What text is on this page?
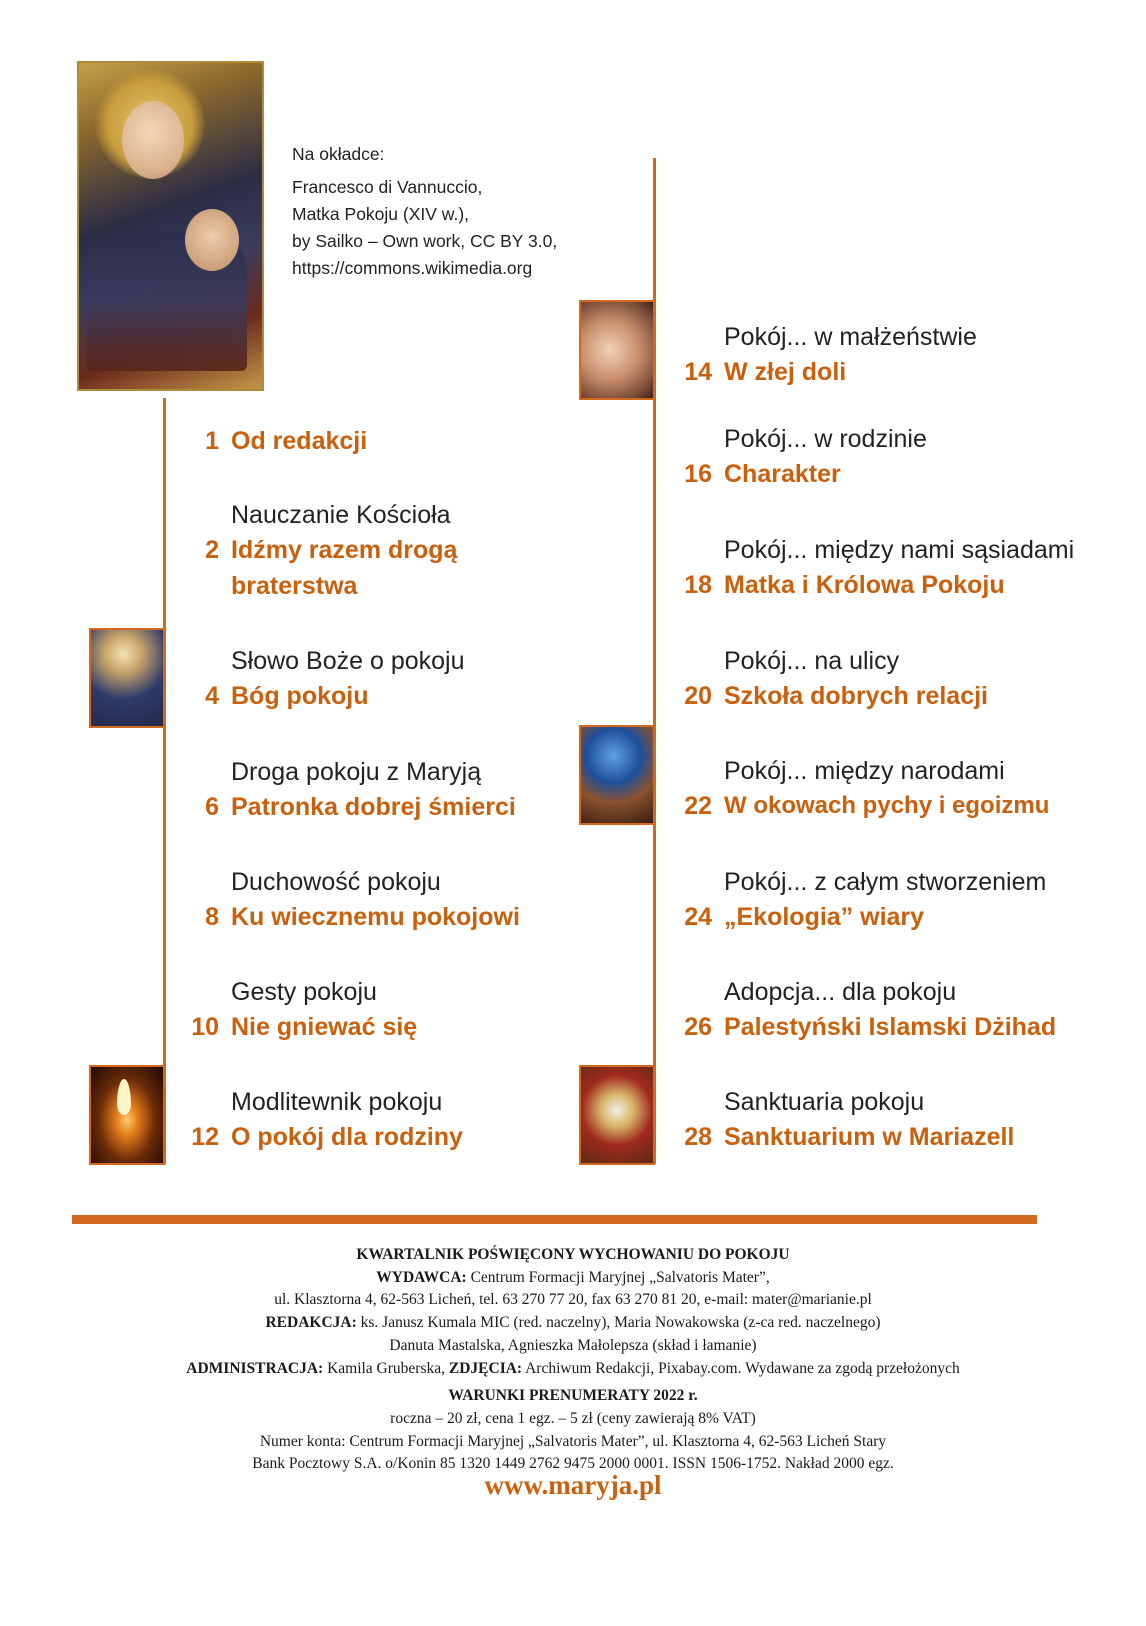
Na okładce:
Francesco di Vannuccio,
Matka Pokoju (XIV w.),
by Sailko – Own work, CC BY 3.0,
https://commons.wikimedia.org
1 Od redakcji
Nauczanie Kościoła
2 Idźmy razem drogą
braterstwa
Słowo Boże o pokoju
4 Bóg pokoju
Droga pokoju z Maryją
6 Patronka dobrej śmierci
Duchowość pokoju
8 Ku wiecznemu pokojowi
Gesty pokoju
10 Nie gniewać się
Modlitewnik pokoju
12 O pokój dla rodziny
Pokój... w małżeństwie
14 W złej doli
Pokój... w rodzinie
16 Charakter
Pokój... między nami sąsiadami
18 Matka i Królowa Pokoju
Pokój... na ulicy
20 Szkoła dobrych relacji
Pokój... między narodami
22 W okowach pychy i egoizmu
Pokój... z całym stworzeniem
24 „Ekologia” wiary
Adopcja... dla pokoju
26 Palestyński Islamski Dżihad
Sanktuaria pokoju
28 Sanktuarium w Mariazell
KWARTALNIK POŚWIĘCONY WYCHOWANIU DO POKOJU
WYDAWCA: Centrum Formacji Maryjnej „Salvatoris Mater”,
ul. Klasztorna 4, 62-563 Licheń, tel. 63 270 77 20, fax 63 270 81 20, e-mail: mater@marianie.pl
REDAKCJA: ks. Janusz Kumala MIC (red. naczelny), Maria Nowakowska (z-ca red. naczelnego)
Danuta Mastalska, Agnieszka Małolepsza (skład i łamanie)
ADMINISTRACJA: Kamila Gruberska, ZDJĘCIA: Archiwum Redakcji, Pixabay.com. Wydawane za zgodą przełożonych
WARUNKI PRENUMERATY 2022 r.
roczna – 20 zł, cena 1 egz. – 5 zł (ceny zawierają 8% VAT)
Numer konta: Centrum Formacji Maryjnej „Salvatoris Mater”, ul. Klasztorna 4, 62-563 Licheń Stary
Bank Pocztowy S.A. o/Konin 85 1320 1449 2762 9475 2000 0001. ISSN 1506-1752. Nakład 2000 egz.
www.maryja.pl
